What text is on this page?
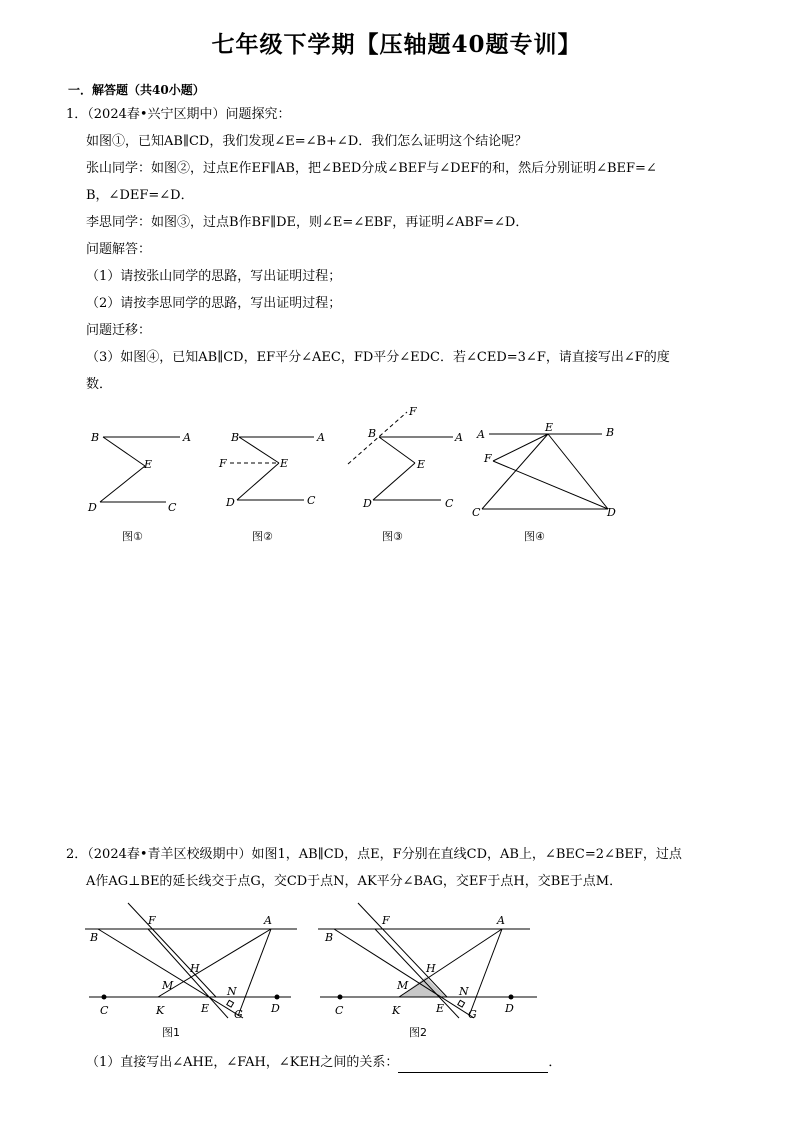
七年级下学期【压轴题40题专训】
一．解答题（共40小题）
1．（2024春•兴宁区期中）问题探究：
如图①，已知AB∥CD，我们发现∠E=∠B+∠D．我们怎么证明这个结论呢？
张山同学：如图②，过点E作EF∥AB，把∠BED分成∠BEF与∠DEF的和，然后分别证明∠BEF=∠
B，∠DEF=∠D．
李思同学：如图③，过点B作BF∥DE，则∠E=∠EBF，再证明∠ABF=∠D．
问题解答：
（1）请按张山同学的思路，写出证明过程；
（2）请按李思同学的思路，写出证明过程；
问题迁移：
（3）如图④，已知AB∥CD，EF平分∠AEC，FD平分∠EDC．若∠CED=3∠F，请直接写出∠F的度
数．
B	A
E
D	C
B	A
F	E
D	C
B	A
F
E
D	C
A
E	B
F
C	D
图①	图②	图③	图④
2．（2024春•青羊区校级期中）如图1，AB∥CD，点E，F分别在直线CD，AB上，∠BEC=2∠BEF，过点
A作AG⊥BE的延长线交于点G，交CD于点N，AK平分∠BAG，交EF于点H，交BE于点M．
F	A
B
H
M	N
C	K	E G	D
图1
F	A
B
H
M	N
C	K	E G	D
图2
（1）直接写出∠AHE，∠FAH，∠KEH之间的关系：	．
